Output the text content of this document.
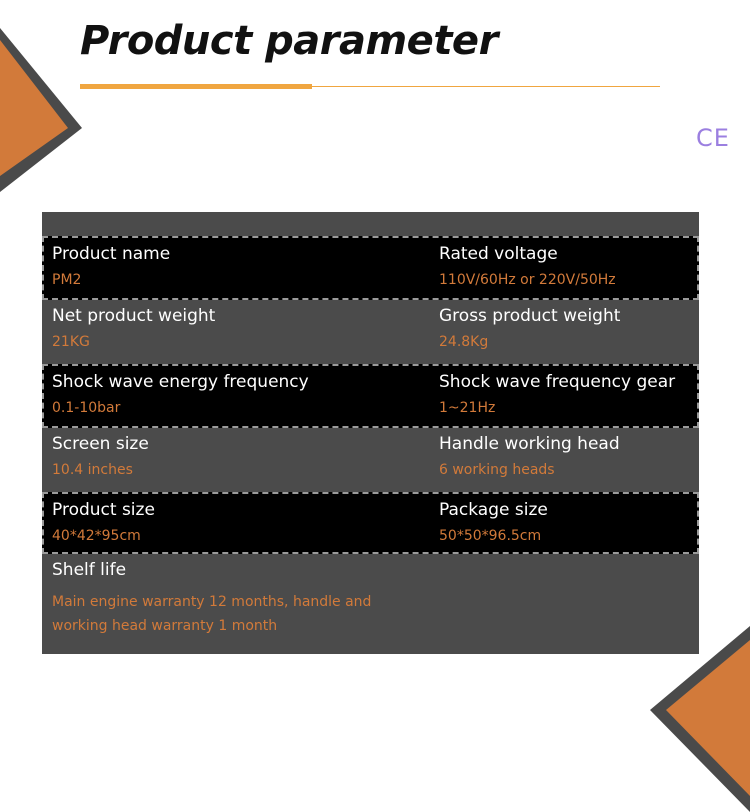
Product parameter
CE
Product name
PM2
Rated voltage
110V/60Hz or 220V/50Hz
Net product weight
21KG
Gross product weight
24.8Kg
Shock wave energy frequency
0.1-10bar
Shock wave frequency gear
1~21Hz
Screen size
10.4 inches
Handle working head
6 working heads
Product size
40*42*95cm
Package size
50*50*96.5cm
Shelf life
Main engine warranty 12 months, handle and working head warranty 1 month
